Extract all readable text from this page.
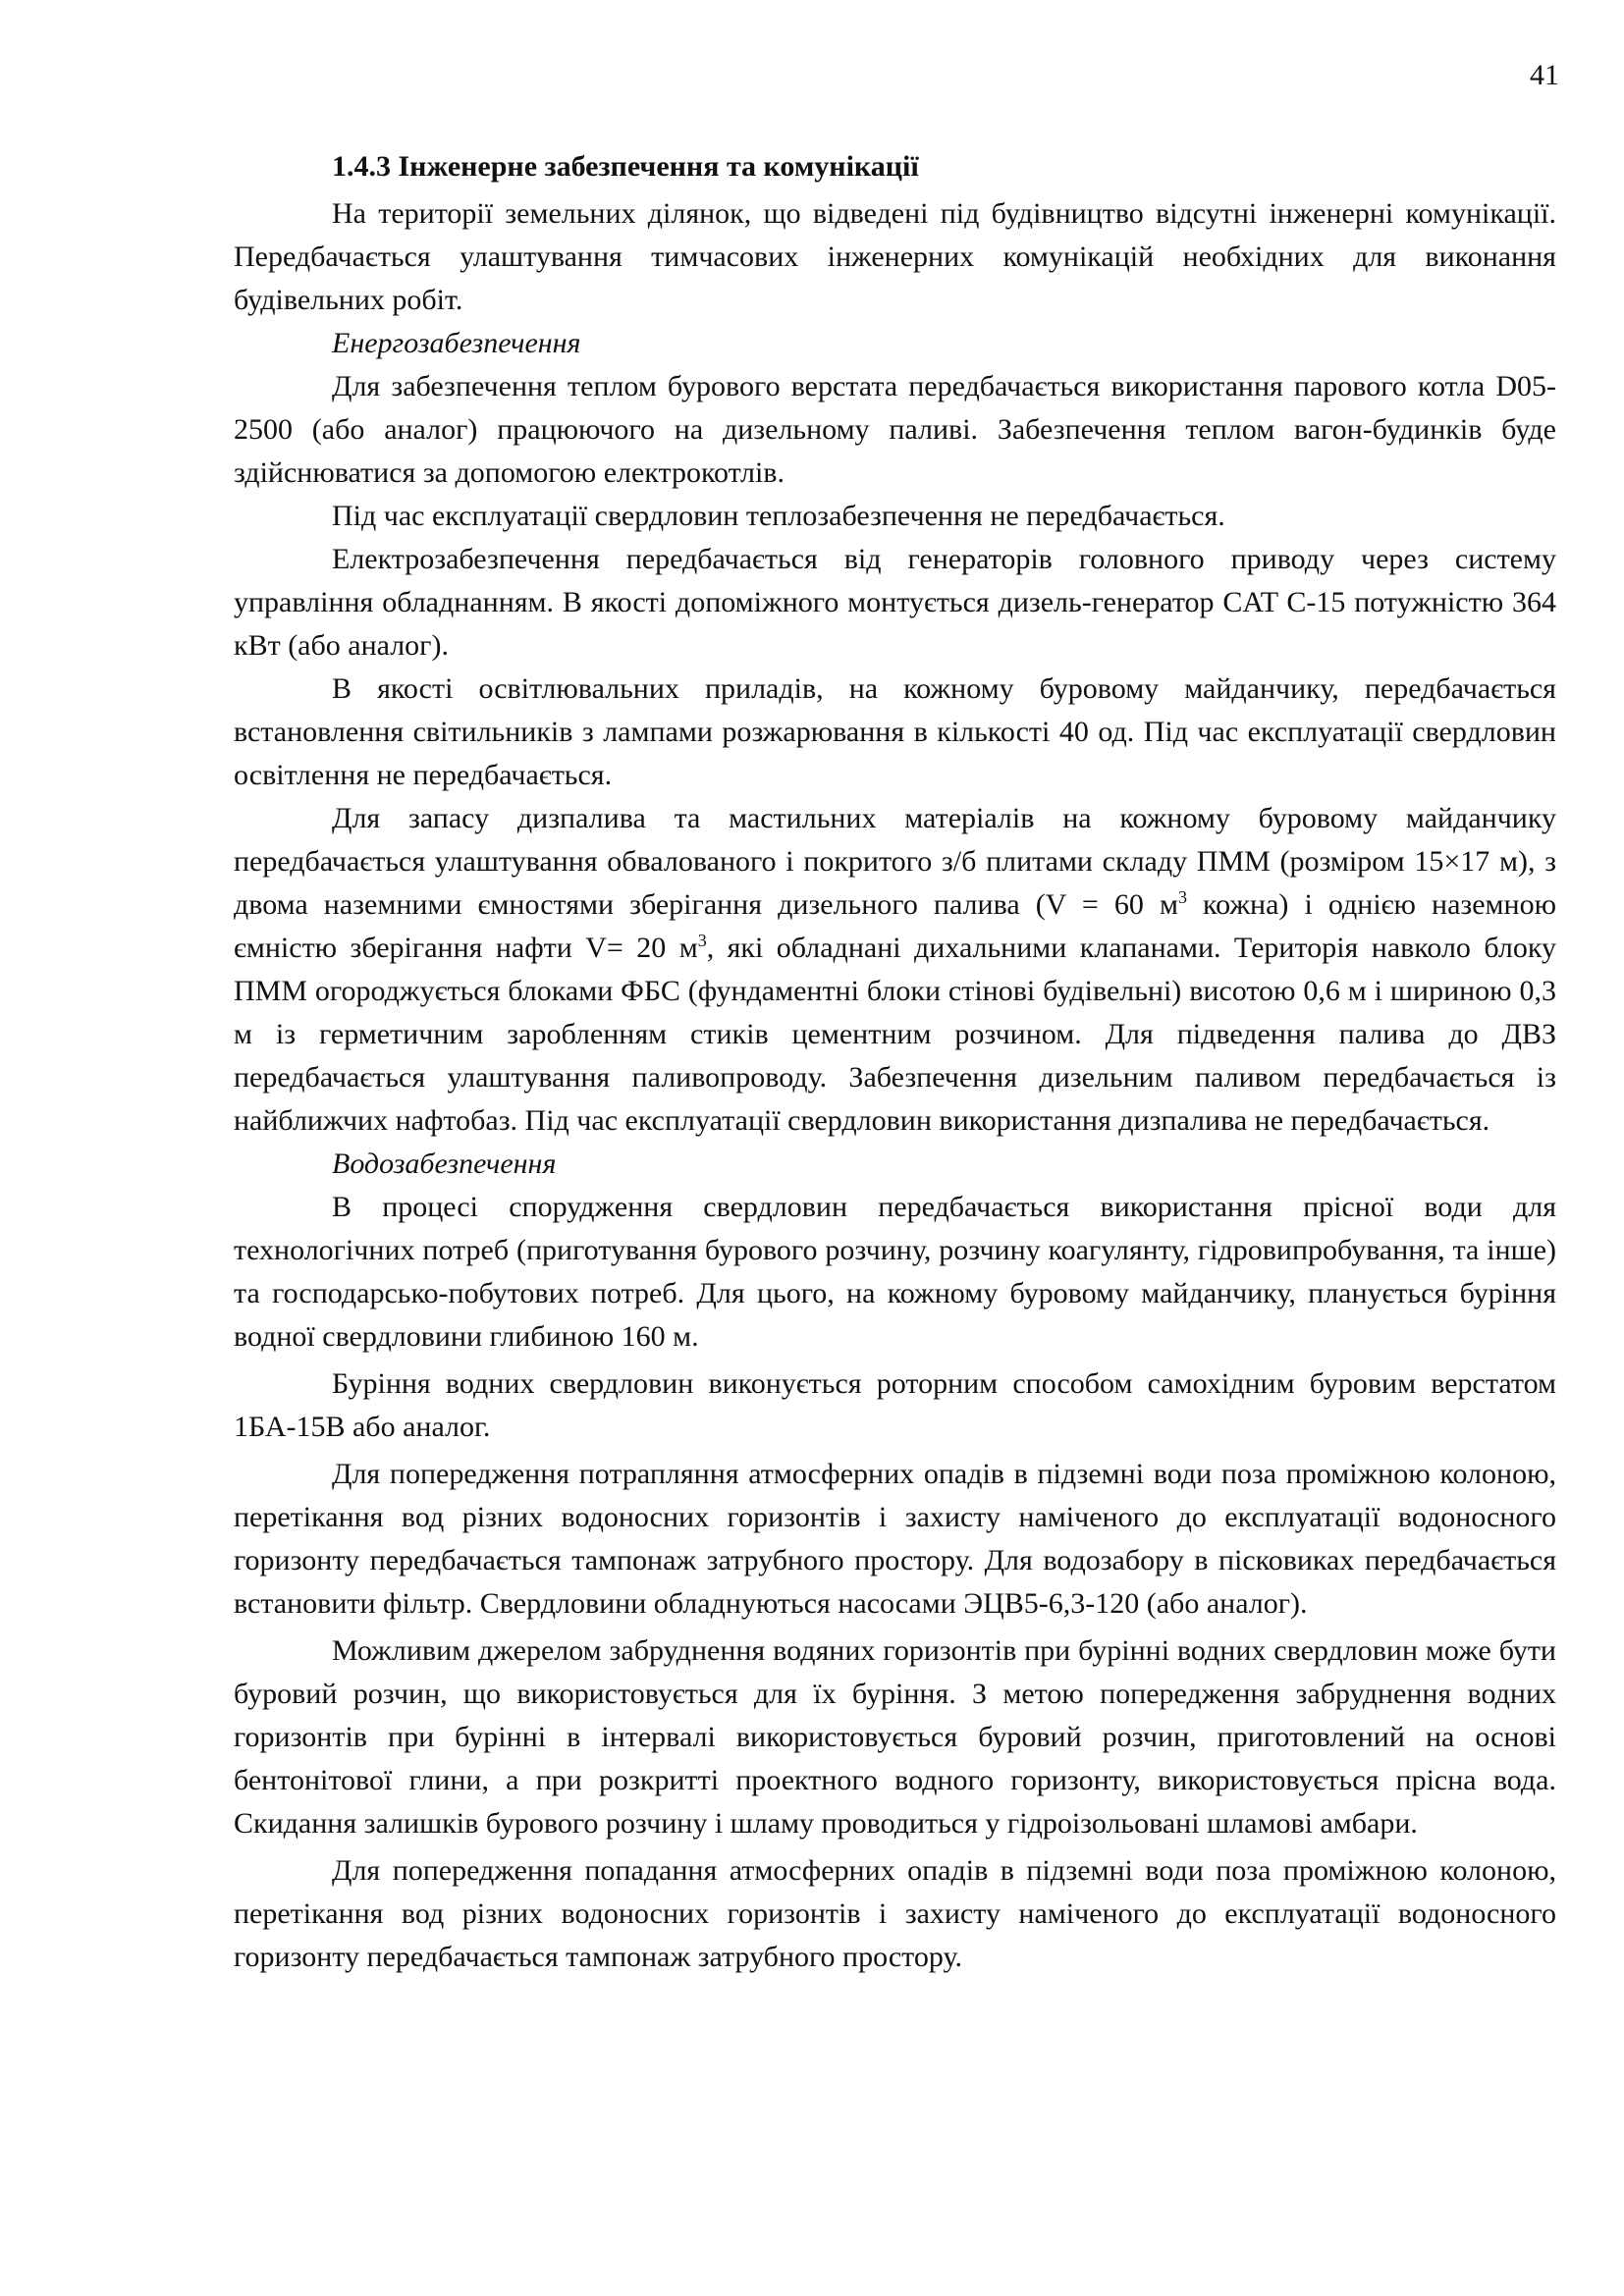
41
1.4.3 Інженерне забезпечення та комунікації

На території земельних ділянок, що відведені під будівництво відсутні інженерні комунікації. Передбачається улаштування тимчасових інженерних комунікацій необхідних для виконання будівельних робіт.

Енергозабезпечення

Для забезпечення теплом бурового верстата передбачається використання парового котла D05-2500 (або аналог) працюючого на дизельному паливі. Забезпечення теплом вагон-будинків буде здійснюватися за допомогою електрокотлів.

Під час експлуатації свердловин теплозабезпечення не передбачається.

Електрозабезпечення передбачається від генераторів головного приводу через систему управління обладнанням. В якості допоміжного монтується дизель-генератор CAT C-15 потужністю 364 кВт (або аналог).

В якості освітлювальних приладів, на кожному буровому майданчику, передбачається встановлення світильників з лампами розжарювання в кількості 40 од. Під час експлуатації свердловин освітлення не передбачається.

Для запасу дизпалива та мастильних матеріалів на кожному буровому майданчику передбачається улаштування обвалованого і покритого з/б плитами складу ПММ (розміром 15×17 м), з двома наземними ємностями зберігання дизельного палива (V = 60 $м^3$ кожна) і однією наземною ємністю зберігання нафти V= 20 $м^3$, які обладнані дихальними клапанами. Територія навколо блоку ПММ огороджується блоками ФБС (фундаментні блоки стінові будівельні) висотою 0,6 м і шириною 0,3 м із герметичним заробленням стиків цементним розчином. Для підведення палива до ДВЗ передбачається улаштування паливопроводу. Забезпечення дизельним паливом передбачається із найближчих нафтобаз. Під час експлуатації свердловин використання дизпалива не передбачається.

Водозабезпечення

В процесі спорудження свердловин передбачається використання прісної води для технологічних потреб (приготування бурового розчину, розчину коагулянту, гідровипробування, та інше) та господарсько-побутових потреб. Для цього, на кожному буровому майданчику, планується буріння водної свердловини глибиною 160 м.

Буріння водних свердловин виконується роторним способом самохідним буровим верстатом 1БА-15В або аналог.

Для попередження потрапляння атмосферних опадів в підземні води поза проміжною колоною, перетікання вод різних водоносних горизонтів і захисту наміченого до експлуатації водоносного горизонту передбачається тампонаж затрубного простору. Для водозабору в пісковиках передбачається встановити фільтр. Свердловини обладнуються насосами ЭЦВ5-6,3-120 (або аналог).

Можливим джерелом забруднення водяних горизонтів при бурінні водних свердловин може бути буровий розчин, що використовується для їх буріння. З метою попередження забруднення водних горизонтів при бурінні в інтервалі використовується буровий розчин, приготовлений на основі бентонітової глини, а при розкритті проектного водного горизонту, використовується прісна вода. Скидання залишків бурового розчину і шламу проводиться у гідроізольовані шламові амбари.

Для попередження попадання атмосферних опадів в підземні води поза проміжною колоною, перетікання вод різних водоносних горизонтів і захисту наміченого до експлуатації водоносного горизонту передбачається тампонаж затрубного простору.
